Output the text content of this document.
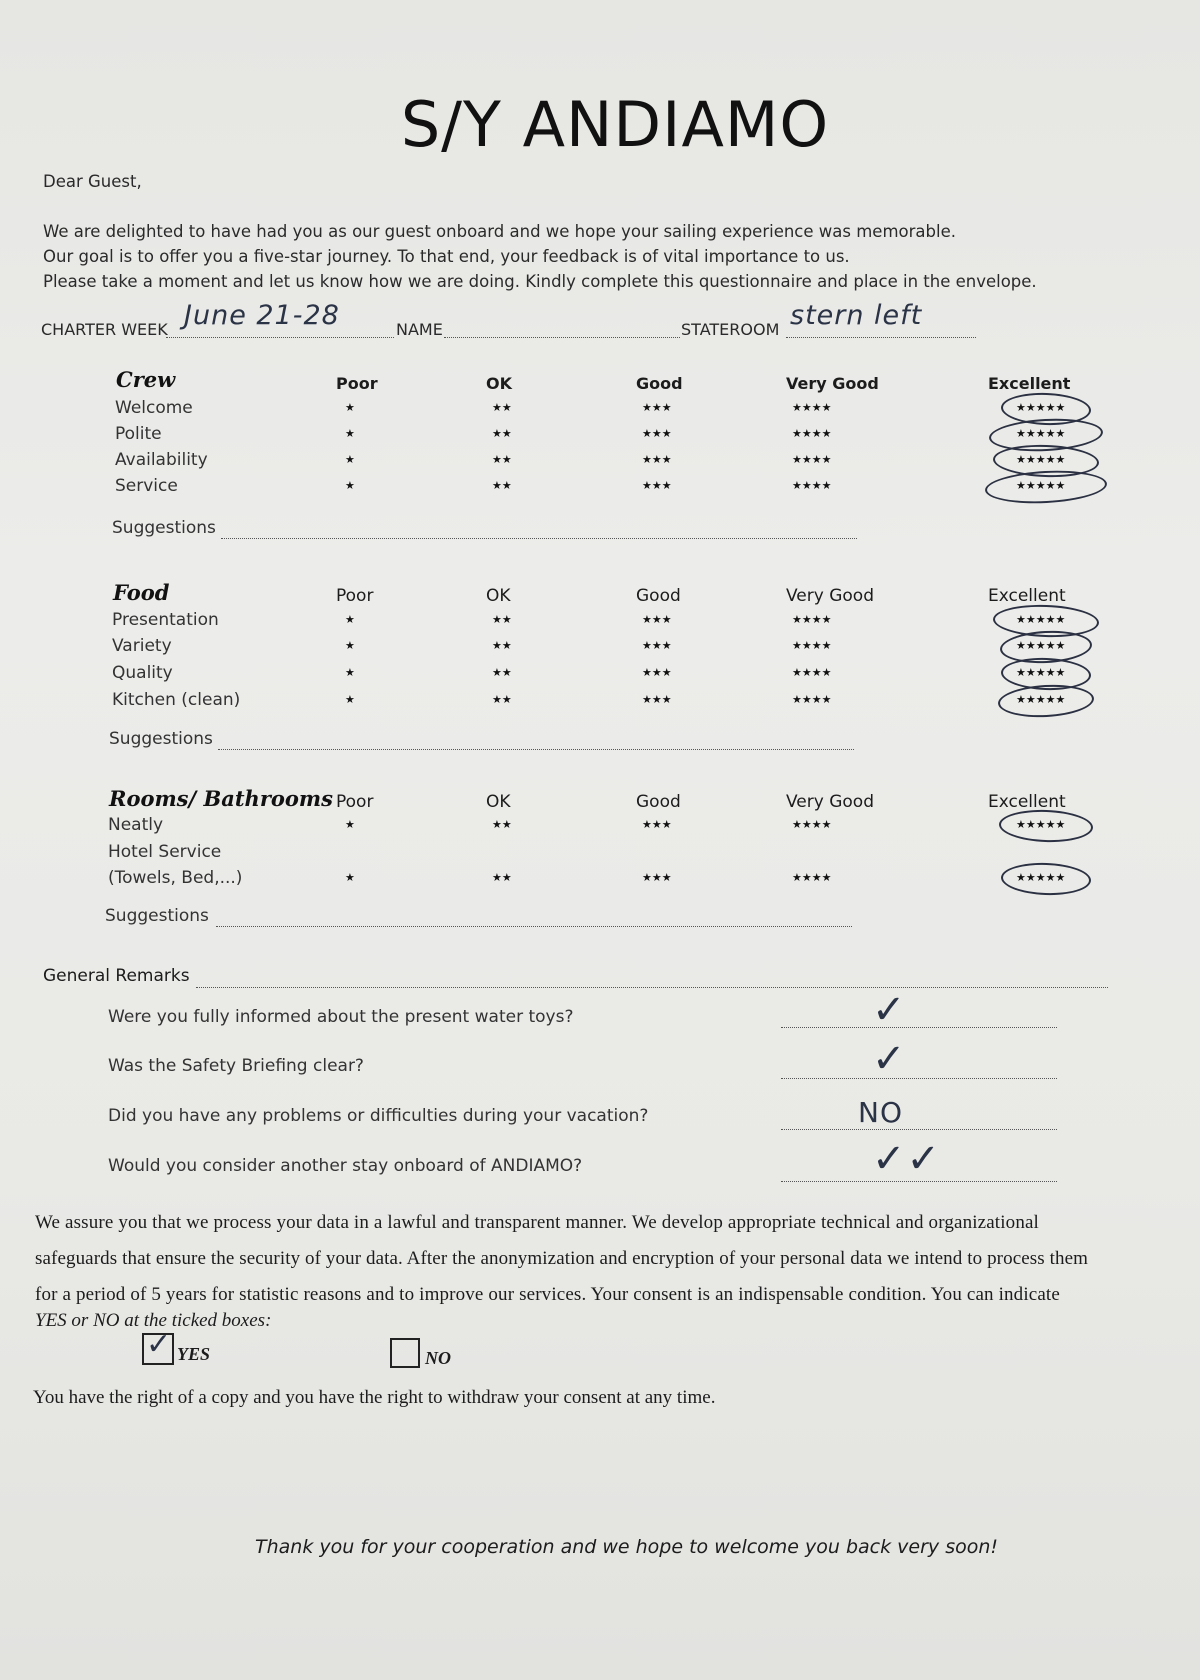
S/Y ANDIAMO
Dear Guest,
We are delighted to have had you as our guest onboard and we hope your sailing experience was memorable.
Our goal is to offer you a five-star journey. To that end, your feedback is of vital importance to us.
Please take a moment and let us know how we are doing. Kindly complete this questionnaire and place in the envelope.
CHARTER WEEK June 21-28	NAME	STATEROOM stern left
Crew	Poor	OK	Good	Very Good	Excellent
Welcome	★	★★	★★★	★★★★	★★★★★
Polite	★	★★	★★★	★★★★	★★★★★
Availability	★	★★	★★★	★★★★	★★★★★
Service	★	★★	★★★	★★★★	★★★★★
Suggestions
Food	Poor	OK	Good	Very Good	Excellent
Presentation	★	★★	★★★	★★★★	★★★★★
Variety	★	★★	★★★	★★★★	★★★★★
Quality	★	★★	★★★	★★★★	★★★★★
Kitchen (clean)	★	★★	★★★	★★★★	★★★★★
Suggestions
Rooms/ Bathrooms Poor	OK	Good	Very Good	Excellent
Neatly	★	★★	★★★	★★★★	★★★★★
Hotel Service
(Towels, Bed,...)	★	★★	★★★	★★★★	★★★★★
Suggestions
General Remarks
Were you fully informed about the present water toys?	✓
Was the Safety Briefing clear?	✓
Did you have any problems or difficulties during your vacation?	NO
Would you consider another stay onboard of ANDIAMO?	✓✓
We assure you that we process your data in a lawful and transparent manner. We develop appropriate technical and organizational
safeguards that ensure the security of your data. After the anonymization and encryption of your personal data we intend to process them
for a period of 5 years for statistic reasons and to improve our services. Your consent is an indispensable condition. You can indicate
YES or NO at the ticked boxes:
✓ YES	NO
You have the right of a copy and you have the right to withdraw your consent at any time.
Thank you for your cooperation and we hope to welcome you back very soon!
